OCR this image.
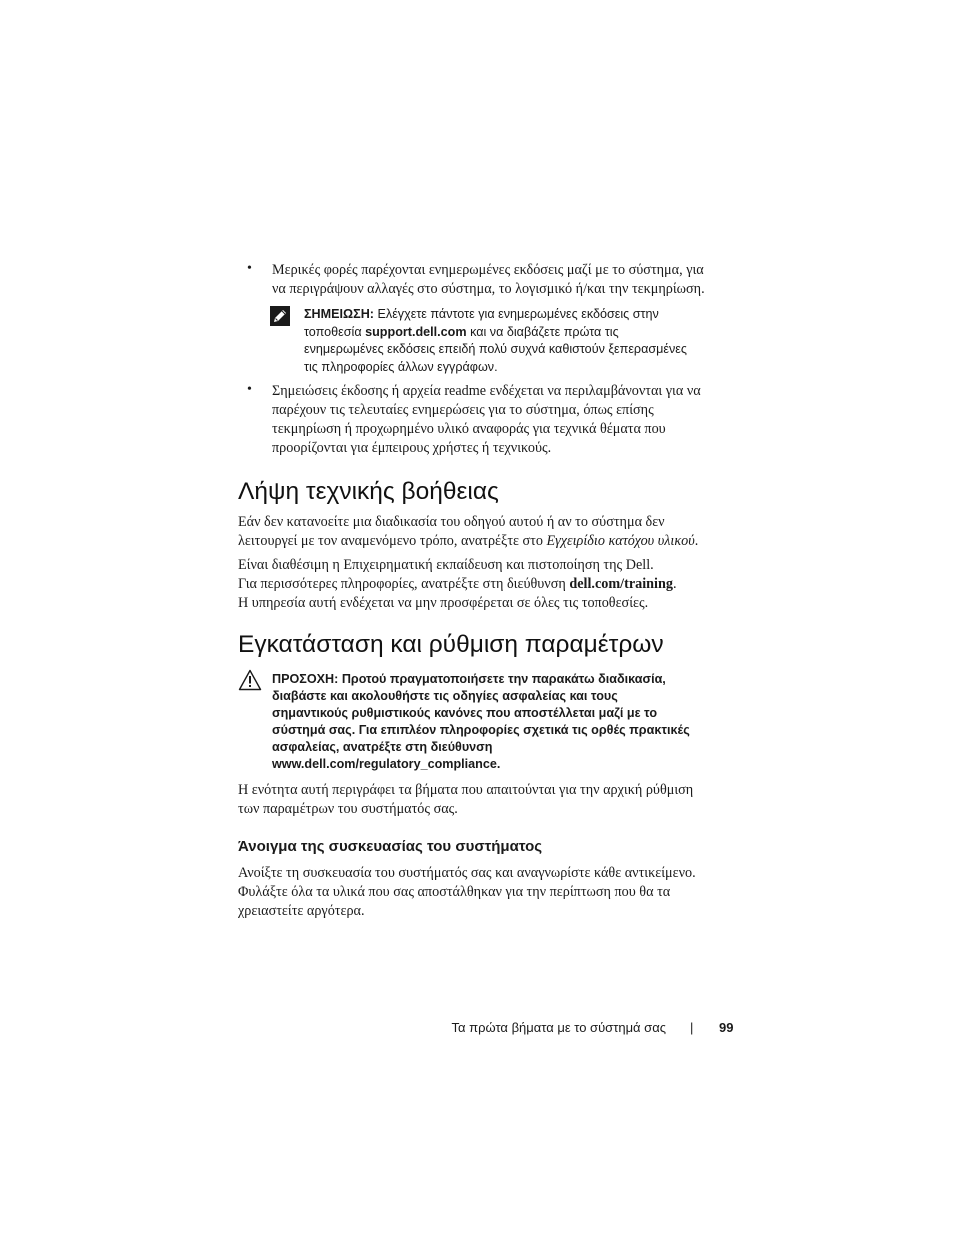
• Μερικές φορές παρέχονται ενημερωμένες εκδόσεις μαζί με το σύστημα, για

να περιγράψουν αλλαγές στο σύστημα, το λογισμικό ή/και την τεκμηρίωση.

ΣΗΜΕΙΩΣΗ: Ελέγχετε πάντοτε για ενημερωμένες εκδόσεις στην

τοποθεσία support.dell.com και να διαβάζετε πρώτα τις

ενημερωμένες εκδόσεις επειδή πολύ συχνά καθιστούν ξεπερασμένες

τις πληροφορίες άλλων εγγράφων.

• Σημειώσεις έκδοσης ή αρχεία readme ενδέχεται να περιλαμβάνονται για να

παρέχουν τις τελευταίες ενημερώσεις για το σύστημα, όπως επίσης

τεκμηρίωση ή προχωρημένο υλικό αναφοράς για τεχνικά θέματα που

προορίζονται για έμπειρους χρήστες ή τεχνικούς.

Λήψη τεχνικής βοήθειας

Εάν δεν κατανοείτε μια διαδικασία του οδηγού αυτού ή αν το σύστημα δεν

λειτουργεί με τον αναμενόμενο τρόπο, ανατρέξτε στο Εγχειρίδιο κατόχου υλικού.

Είναι διαθέσιμη η Επιχειρηματική εκπαίδευση και πιστοποίηση της Dell.

Για περισσότερες πληροφορίες, ανατρέξτε στη διεύθυνση dell.com/training.

Η υπηρεσία αυτή ενδέχεται να μην προσφέρεται σε όλες τις τοποθεσίες.

Εγκατάσταση και ρύθμιση παραμέτρων

ΠΡΟΣΟΧΗ: Προτού πραγματοποιήσετε την παρακάτω διαδικασία,

διαβάστε και ακολουθήστε τις οδηγίες ασφαλείας και τους

σημαντικούς ρυθμιστικούς κανόνες που αποστέλλεται μαζί με το

σύστημά σας. Για επιπλέον πληροφορίες σχετικά τις ορθές πρακτικές

ασφαλείας, ανατρέξτε στη διεύθυνση

www.dell.com/regulatory_compliance.

Η ενότητα αυτή περιγράφει τα βήματα που απαιτούνται για την αρχική ρύθμιση

των παραμέτρων του συστήματός σας.

Άνοιγμα της συσκευασίας του συστήματος

Ανοίξτε τη συσκευασία του συστήματός σας και αναγνωρίστε κάθε αντικείμενο.

Φυλάξτε όλα τα υλικά που σας αποστάλθηκαν για την περίπτωση που θα τα

χρειαστείτε αργότερα.

Τα πρώτα βήματα με το σύστημά σας | 99
